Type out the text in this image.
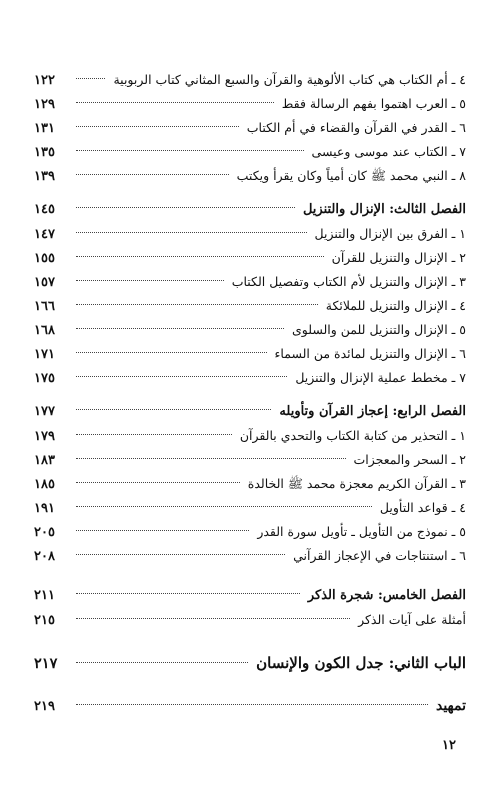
٤ ـ أم الكتاب هي كتاب الألوهية والقرآن والسبع المثاني كتاب الربوبية
١٢٢
٥ ـ العرب اهتموا بفهم الرسالة فقط
١٢٩
٦ ـ القدر في القرآن والقضاء في أم الكتاب
١٣١
٧ ـ الكتاب عند موسى وعيسى
١٣٥
٨ ـ النبي محمد ﷺ كان أمياً وكان يقرأ ويكتب
١٣٩
الفصل الثالث: الإنزال والتنزيل
١٤٥
١ ـ الفرق بين الإنزال والتنزيل
١٤٧
٢ ـ الإنزال والتنزيل للقرآن
١٥٥
٣ ـ الإنزال والتنزيل لأم الكتاب وتفصيل الكتاب
١٥٧
٤ ـ الإنزال والتنزيل للملائكة
١٦٦
٥ ـ الإنزال والتنزيل للمن والسلوى
١٦٨
٦ ـ الإنزال والتنزيل لمائدة من السماء
١٧١
٧ ـ مخطط عملية الإنزال والتنزيل
١٧٥
الفصل الرابع: إعجاز القرآن وتأويله
١٧٧
١ ـ التحذير من كتابة الكتاب والتحدي بالقرآن
١٧٩
٢ ـ السحر والمعجزات
١٨٣
٣ ـ القرآن الكريم معجزة محمد ﷺ الخالدة
١٨٥
٤ ـ قواعد التأويل
١٩١
٥ ـ نموذج من التأويل ـ تأويل سورة القدر
٢٠٥
٦ ـ استنتاجات في الإعجاز القرآني
٢٠٨
الفصل الخامس: شجرة الذكر
٢١١
أمثلة على آيات الذكر
٢١٥
الباب الثاني: جدل الكون والإنسان
٢١٧
تمهيد
٢١٩
١٢
